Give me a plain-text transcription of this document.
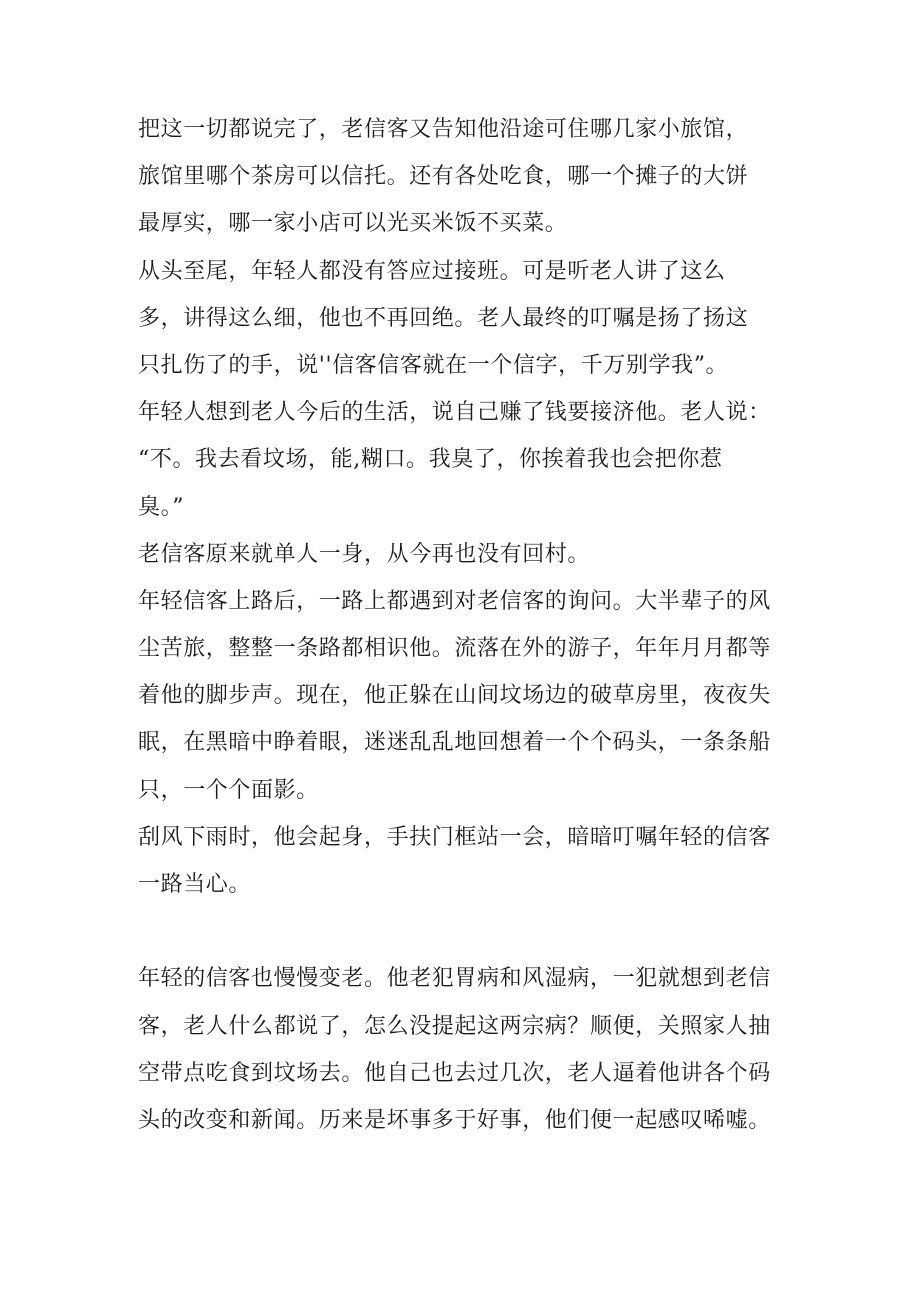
把这一切都说完了，老信客又告知他沿途可住哪几家小旅馆，
旅馆里哪个茶房可以信托。还有各处吃食，哪一个摊子的大饼
最厚实，哪一家小店可以光买米饭不买菜。
从头至尾，年轻人都没有答应过接班。可是听老人讲了这么
多，讲得这么细，他也不再回绝。老人最终的叮嘱是扬了扬这
只扎伤了的手，说''信客信客就在一个信字，千万别学我”。
年轻人想到老人今后的生活，说自己赚了钱要接济他。老人说：
“不。我去看坟场，能,糊口。我臭了，你挨着我也会把你惹
臭。”
老信客原来就单人一身，从今再也没有回村。
年轻信客上路后，一路上都遇到对老信客的询问。大半辈子的风
尘苦旅，整整一条路都相识他。流落在外的游子，年年月月都等
着他的脚步声。现在，他正躲在山间坟场边的破草房里，夜夜失
眠，在黑暗中睁着眼，迷迷乱乱地回想着一个个码头，一条条船
只，一个个面影。
刮风下雨时，他会起身，手扶门框站一会，暗暗叮嘱年轻的信客
一路当心。
年轻的信客也慢慢变老。他老犯胃病和风湿病，一犯就想到老信
客，老人什么都说了，怎么没提起这两宗病？顺便，关照家人抽
空带点吃食到坟场去。他自己也去过几次，老人逼着他讲各个码
头的改变和新闻。历来是坏事多于好事，他们便一起感叹唏嘘。
